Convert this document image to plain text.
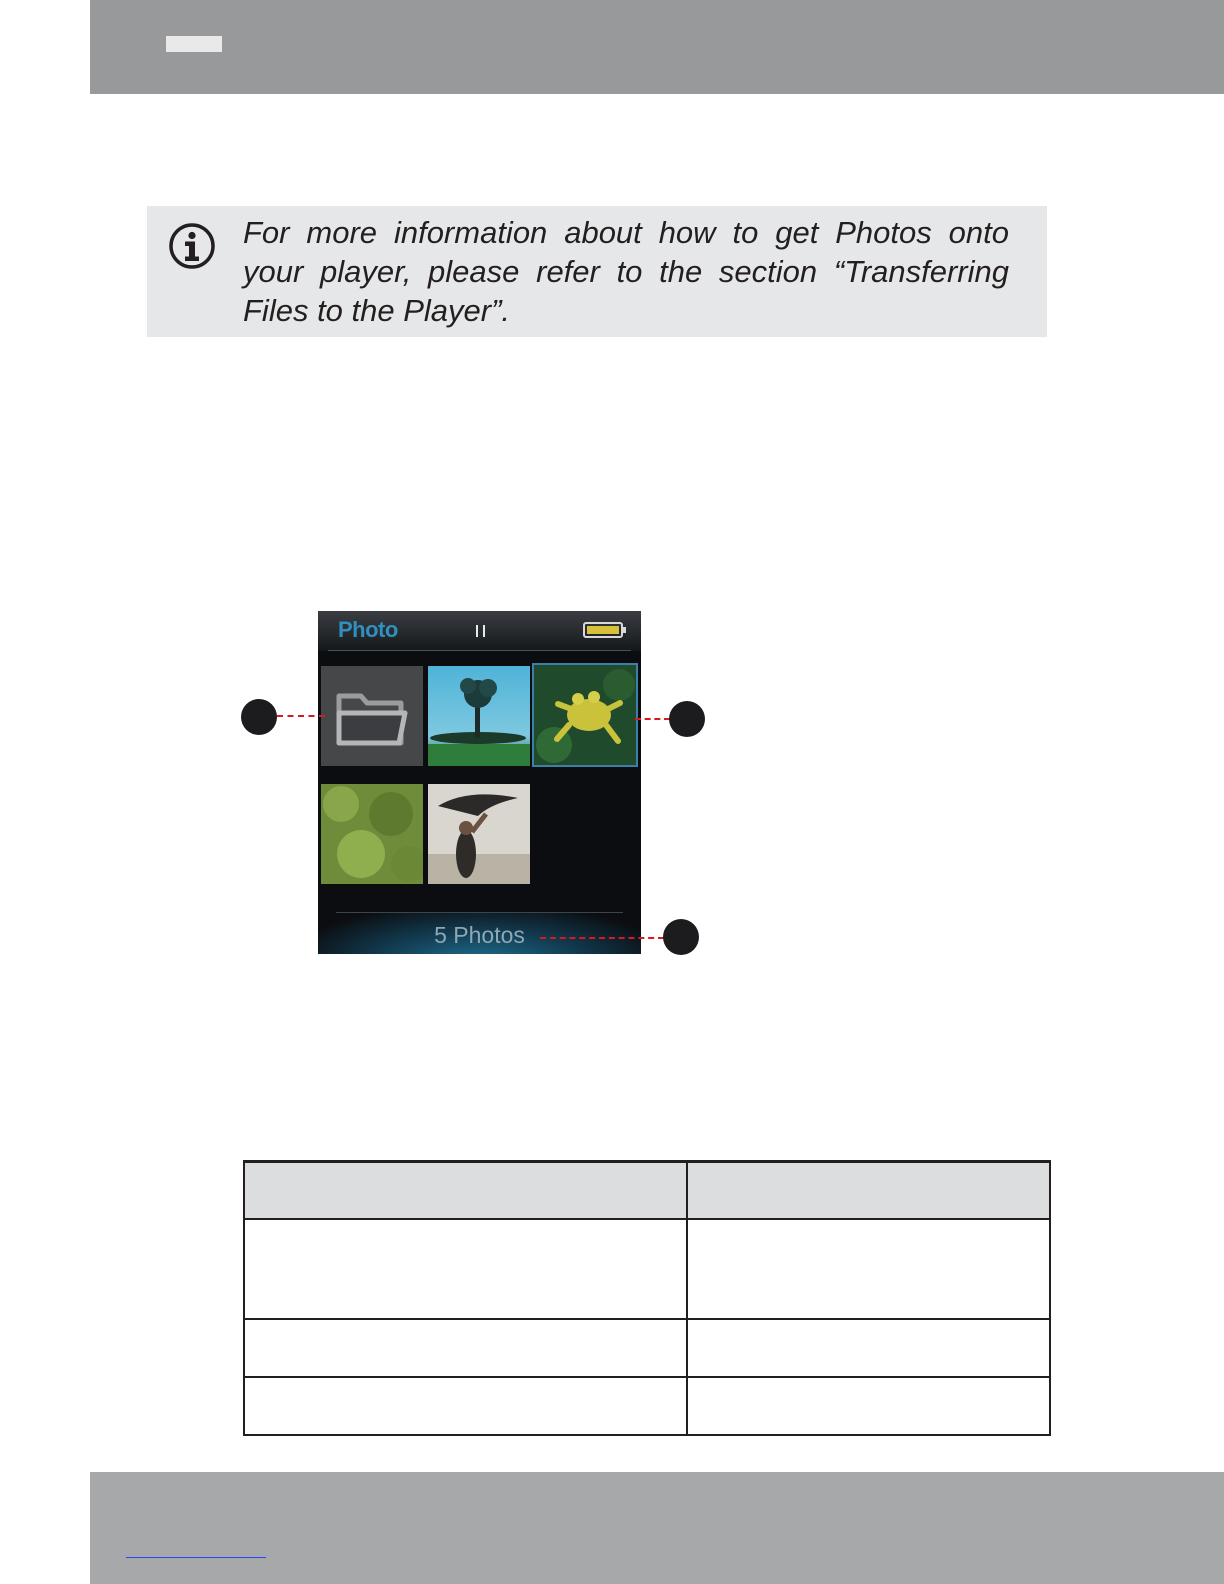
For more information about how to get Photos onto your player, please refer to the section “Transferring Files to the Player”.

Photo
5 Photos
